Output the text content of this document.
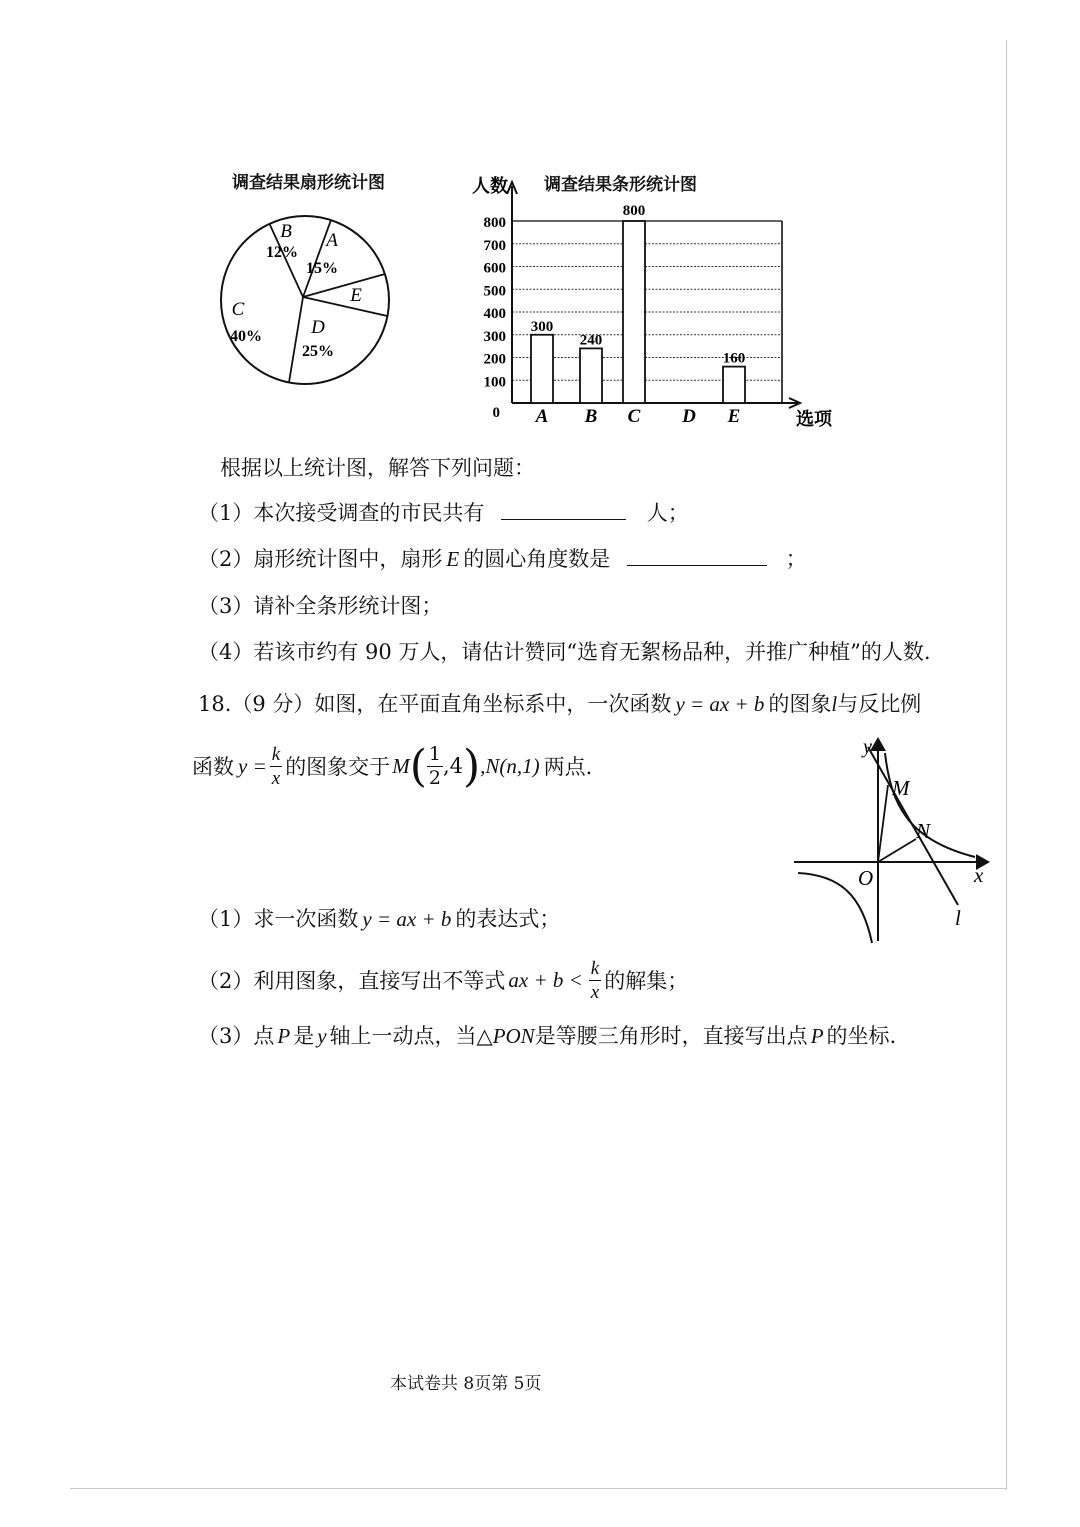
调查结果扇形统计图	调查结果条形统计图
A
15%
B
12%
C
40%	D
25%
E
人数
选项
0
100
200
300
400
500
600
700
800
300
A
240
B
800
C D
160
E
根据以上统计图，解答下列问题：
（1）本次接受调查的市民共有	人；
（2）扇形统计图中，扇形 E 的圆心角度数是	；
（3）请补全条形统计图；
（4）若该市约有 90 万人，请估计赞同“选育无絮杨品种，并推广种植”的人数.
18.（9 分）如图，在平面直角坐标系中，一次函数 y = ax + b 的图象l与反比例
函数 $y = \frac{k}{x}$ 的图象交于 M ( $\frac{1}{2} ,4$ ) ,N(n,1) 两点.
y
x
O
M
N
l
（1）求一次函数 y = ax + b 的表达式；
（2）利用图象，直接写出不等式 ax + $b < \frac{k}{x}$ 的解集；
（3）点 P 是 y 轴上一动点，当△PON是等腰三角形时，直接写出点 P 的坐标.
本试卷共 8页第 5页
